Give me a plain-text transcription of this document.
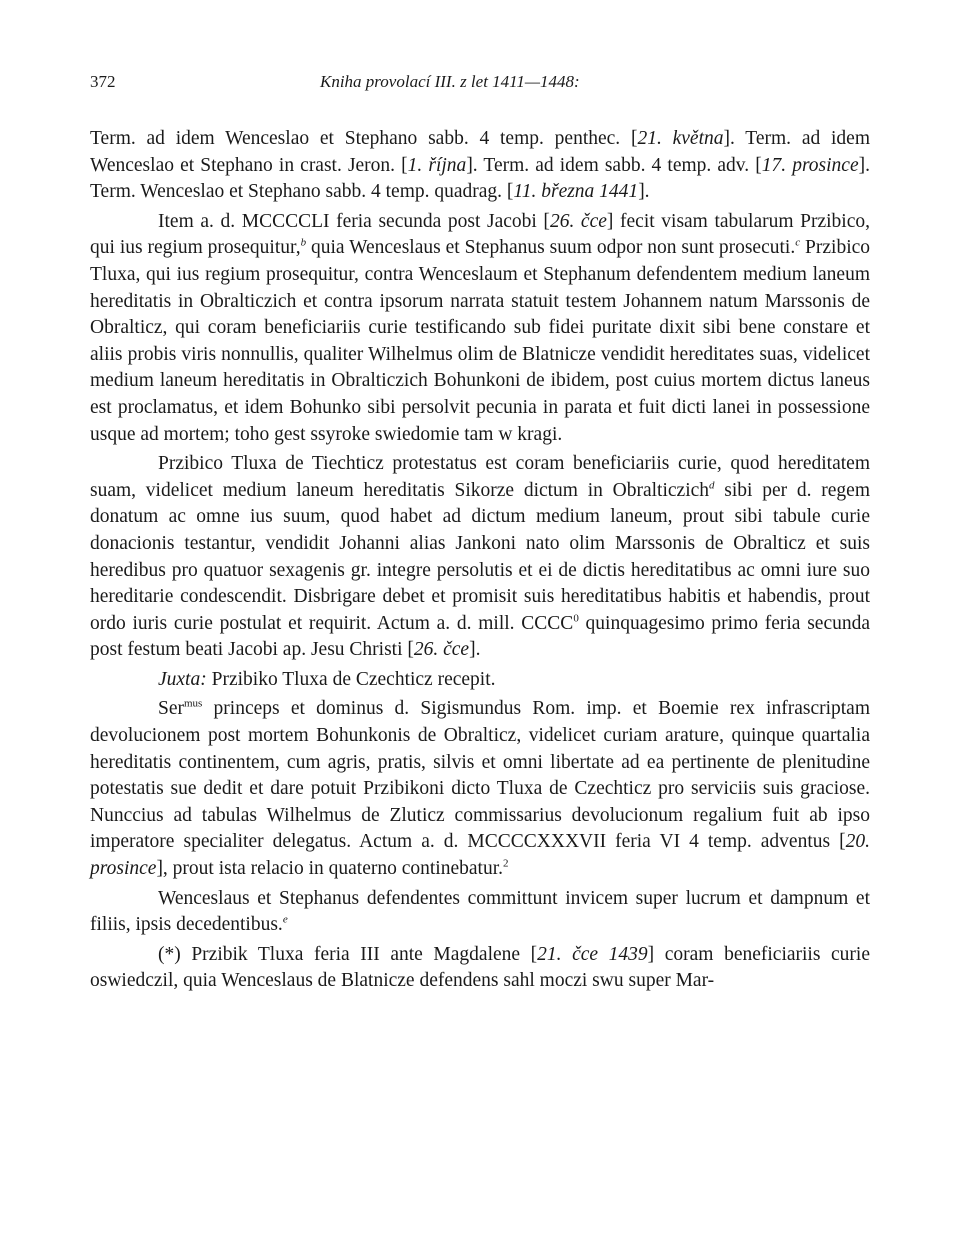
372	Kniha provolací III. z let 1411—1448:

Term. ad idem Wenceslao et Stephano sabb. 4 temp. penthec. [21. května]. Term. ad idem Wenceslao et Stephano in crast. Jeron. [1. října]. Term. ad idem sabb. 4 temp. adv. [17. prosince]. Term. Wenceslao et Stephano sabb. 4 temp. quadrag. [11. března 1441].

Item a. d. MCCCCLI feria secunda post Jacobi [26. čce] fecit visam tabularum Przibico, qui ius regium prosequitur,$^b$ quia Wenceslaus et Stephanus suum odpor non sunt prosecuti.$^c$ Przibico Tluxa, qui ius regium prosequitur, contra Wenceslaum et Stephanum defendentem medium laneum hereditatis in Obralticzich et contra ipsorum narrata statuit testem Johannem natum Marssonis de Obralticz, qui coram beneficiariis curie testificando sub fidei puritate dixit sibi bene constare et aliis probis viris nonnullis, qualiter Wilhelmus olim de Blatnicze vendidit hereditates suas, videlicet medium laneum hereditatis in Obralticzich Bohunkoni de ibidem, post cuius mortem dictus laneus est proclamatus, et idem Bohunko sibi persolvit pecunia in parata et fuit dicti lanei in possessione usque ad mortem; toho gest ssyroke swiedomie tam w kragi.

Przibico Tluxa de Tiechticz protestatus est coram beneficiariis curie, quod hereditatem suam, videlicet medium laneum hereditatis Sikorze dictum in Obralticzich$^d$ sibi per d. regem donatum ac omne ius suum, quod habet ad dictum medium laneum, prout sibi tabule curie donacionis testantur, vendidit Johanni alias Jankoni nato olim Marssonis de Obralticz et suis heredibus pro quatuor sexagenis gr. integre persolutis et ei de dictis hereditatibus ac omni iure suo hereditarie condescendit. Disbrigare debet et promisit suis hereditatibus habitis et habendis, prout ordo iuris curie postulat et requirit. Actum a. d. mill. CCCC$^0$ quinquagesimo primo feria secunda post festum beati Jacobi ap. Jesu Christi [26. čce].

Juxta: Przibiko Tluxa de Czechticz recepit.

Ser$^{mus}$ princeps et dominus d. Sigismundus Rom. imp. et Boemie rex infrascriptam devolucionem post mortem Bohunkonis de Obralticz, videlicet curiam arature, quinque quartalia hereditatis continentem, cum agris, pratis, silvis et omni libertate ad ea pertinente de plenitudine potestatis sue dedit et dare potuit Przibikoni dicto Tluxa de Czechticz pro serviciis suis graciose. Nunccius ad tabulas Wilhelmus de Zluticz commissarius devolucionum regalium fuit ab ipso imperatore specialiter delegatus. Actum a. d. MCCCCXXXVII feria VI 4 temp. adventus [20. prosince], prout ista relacio in quaterno continebatur.$^2$

Wenceslaus et Stephanus defendentes committunt invicem super lucrum et dampnum et filiis, ipsis decedentibus.$^e$

(*) Przibik Tluxa feria III ante Magdalene [21. čce 1439] coram beneficiariis curie oswiedczil, quia Wenceslaus de Blatnicze defendens sahl moczi swu super Mar-
